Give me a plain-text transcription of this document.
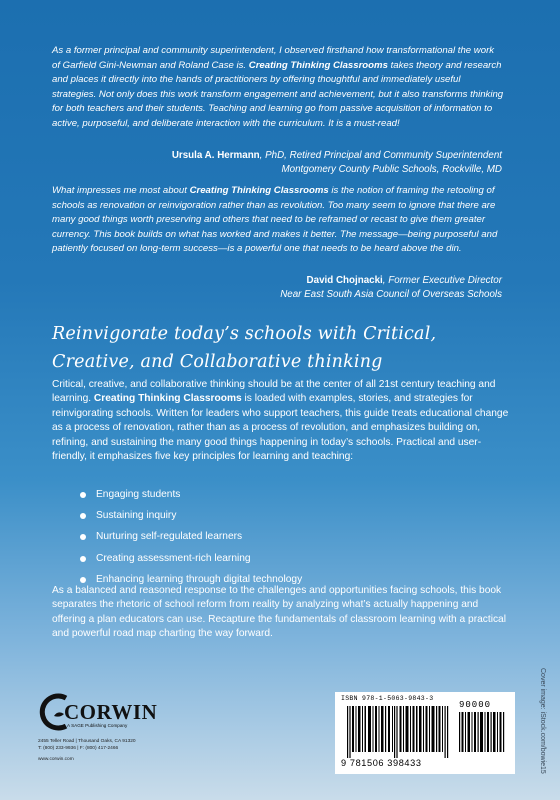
As a former principal and community superintendent, I observed firsthand how transformational the work of Garfield Gini-Newman and Roland Case is. Creating Thinking Classrooms takes theory and research and places it directly into the hands of practitioners by offering thoughtful and immediately useful strategies. Not only does this work transform engagement and achievement, but it also transforms thinking for both teachers and their students. Teaching and learning go from passive acquisition of information to active, purposeful, and deliberate interaction with the curriculum. It is a must-read!
Ursula A. Hermann, PhD, Retired Principal and Community Superintendent
Montgomery County Public Schools, Rockville, MD
What impresses me most about Creating Thinking Classrooms is the notion of framing the retooling of schools as renovation or reinvigoration rather than as revolution. Too many seem to ignore that there are many good things worth preserving and others that need to be reframed or recast to give them greater currency. This book builds on what has worked and makes it better. The message—being purposeful and patiently focused on long-term success—is a powerful one that needs to be heard above the din.
David Chojnacki, Former Executive Director
Near East South Asia Council of Overseas Schools
Reinvigorate today’s schools with Critical,
Creative, and Collaborative thinking
Critical, creative, and collaborative thinking should be at the center of all 21st century teaching and learning. Creating Thinking Classrooms is loaded with examples, stories, and strategies for reinvigorating schools. Written for leaders who support teachers, this guide treats educational change as a process of renovation, rather than as a process of revolution, and emphasizes building on, refining, and sustaining the many good things happening in today’s schools. Practical and user-friendly, it emphasizes five key principles for learning and teaching:
Engaging students
Sustaining inquiry
Nurturing self-regulated learners
Creating assessment-rich learning
Enhancing learning through digital technology
As a balanced and reasoned response to the challenges and opportunities facing schools, this book separates the rhetoric of school reform from reality by analyzing what’s actually happening and offering a plan educators can use. Recapture the fundamentals of classroom learning with a practical and powerful road map charting the way forward.
Cover image: iStock.com/bowie15
CORWIN
A SAGE Publishing Company
2455 Teller Road | Thousand Oaks, CA 91320
T: (800) 233-9936 | F: (800) 417-2466
www.corwin.com
ISBN 978-1-5063-9843-3
90000
9 781506 398433
